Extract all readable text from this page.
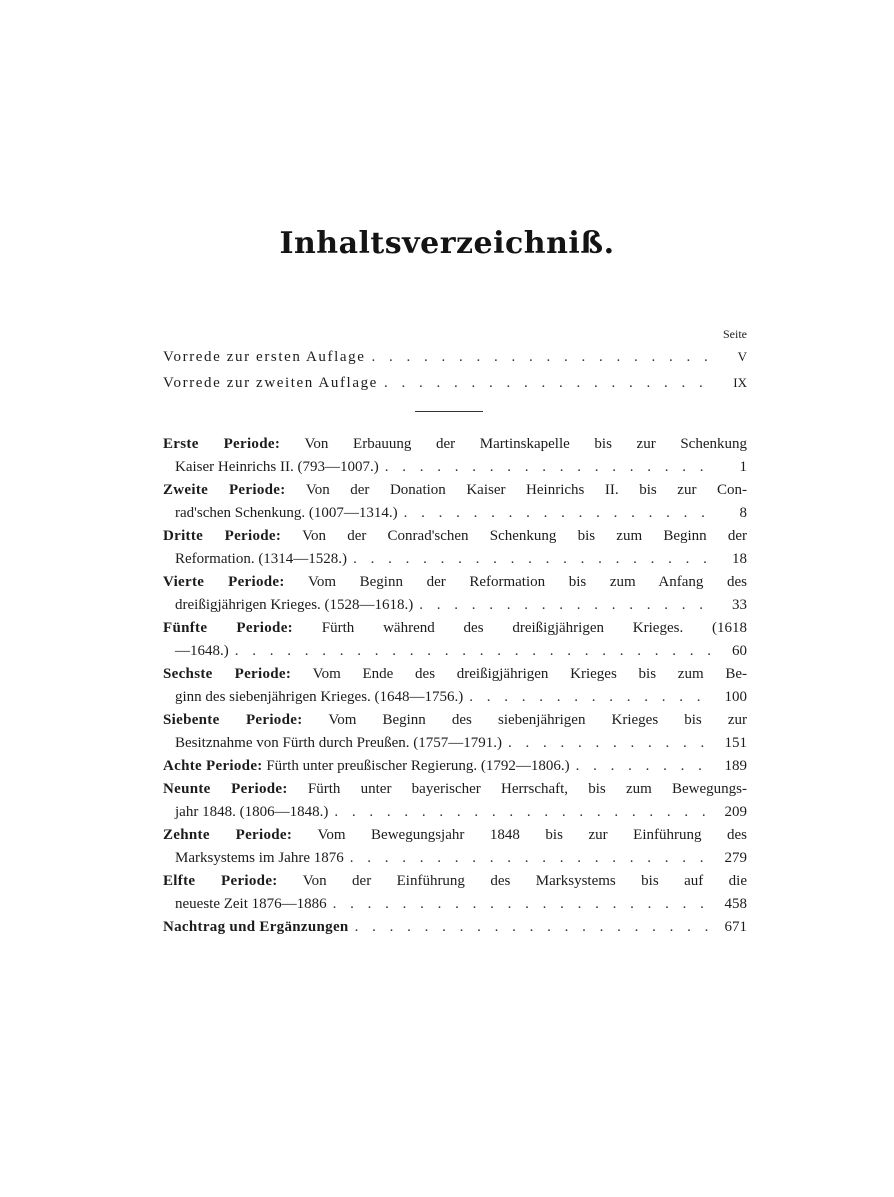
Inhaltsverzeichniß.
Seite
Vorrede zur ersten Auflage . . .	V
Vorrede zur zweiten Auflage . . .	IX
Erste Periode: Von Erbauung der Martinskapelle bis zur Schenkung
Kaiser Heinrichs II. (793—1007.) . . .	1
Zweite Periode: Von der Donation Kaiser Heinrichs II. bis zur Con-
rad'schen Schenkung. (1007—1314.) . . .	8
Dritte Periode: Von der Conrad'schen Schenkung bis zum Beginn der
Reformation. (1314—1528.) . . .	18
Vierte Periode: Vom Beginn der Reformation bis zum Anfang des
dreißigjährigen Krieges. (1528—1618.) . . .	33
Fünfte Periode: Fürth während des dreißigjährigen Krieges. (1618
—1648.) . . .	60
Sechste Periode: Vom Ende des dreißigjährigen Krieges bis zum Be-
ginn des siebenjährigen Krieges. (1648—1756.) . . .	100
Siebente Periode: Vom Beginn des siebenjährigen Krieges bis zur
Besitznahme von Fürth durch Preußen. (1757—1791.) . . .	151
Achte Periode: Fürth unter preußischer Regierung. (1792—1806.) . . .	189
Neunte Periode: Fürth unter bayerischer Herrschaft, bis zum Bewegungs-
jahr 1848. (1806—1848.) . . .	209
Zehnte Periode: Vom Bewegungsjahr 1848 bis zur Einführung des
Marksystems im Jahre 1876 . . .	279
Elfte Periode: Von der Einführung des Marksystems bis auf die
neueste Zeit 1876—1886 . . .	458
Nachtrag und Ergänzungen . . .	671
